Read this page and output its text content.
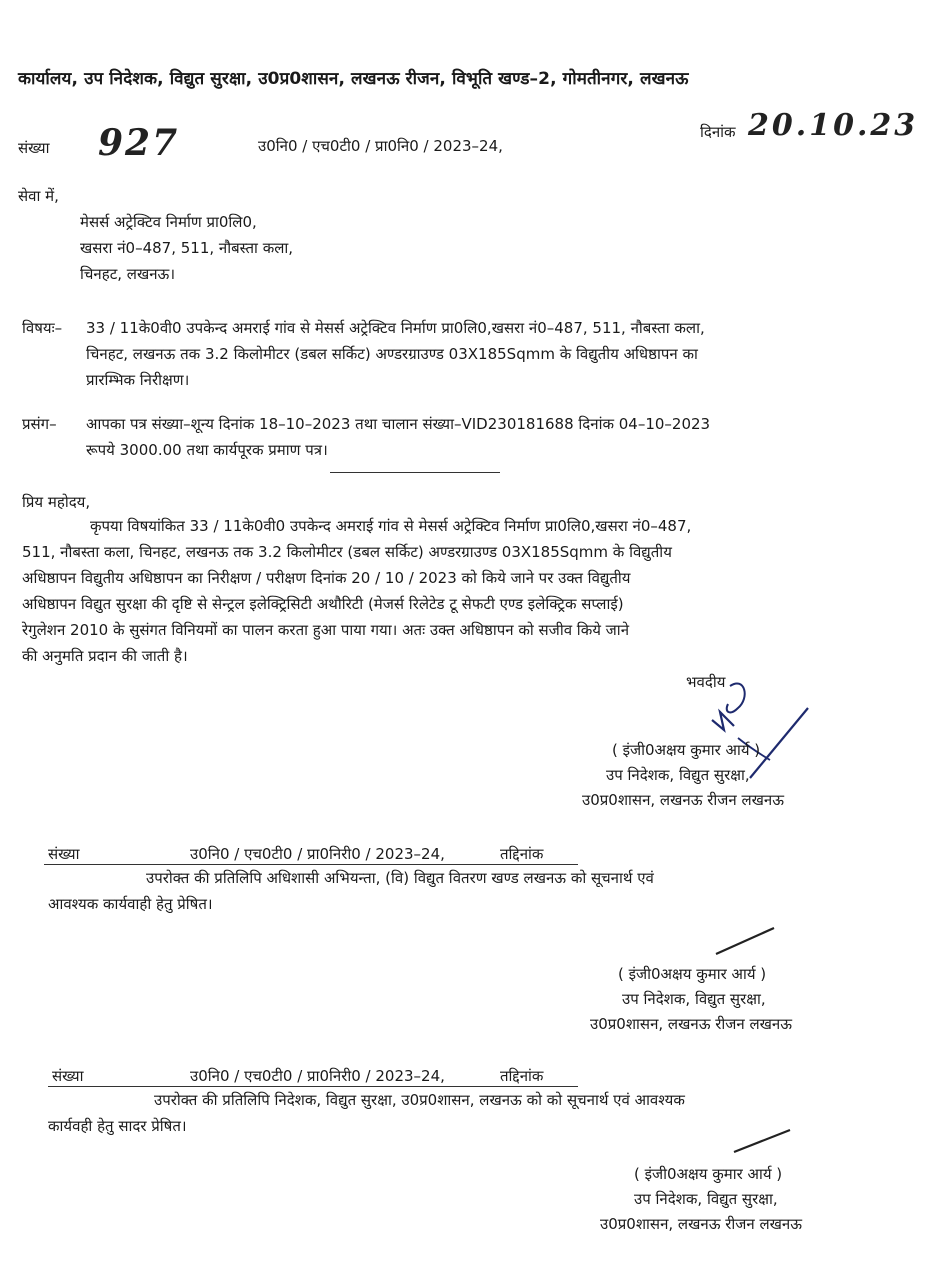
कार्यालय, उप निदेशक, विद्युत सुरक्षा, उ0प्र0शासन, लखनऊ रीजन, विभूति खण्ड–2, गोमतीनगर, लखनऊ
संख्या 927	उ0नि0 / एच0टी0 / प्रा0नि0 / 2023–24,
दिनांक 20.10.23
सेवा में,
मेसर्स अट्रेक्टिव निर्माण प्रा0लि0,
खसरा नं0–487, 511, नौबस्ता कला,
चिनहट, लखनऊ।
विषयः– 33 / 11के0वी0 उपकेन्द अमराई गांव से मेसर्स अट्रेक्टिव निर्माण प्रा0लि0,खसरा नं0–487, 511, नौबस्ता कला,
चिनहट, लखनऊ तक 3.2 किलोमीटर (डबल सर्किट) अण्डरग्राउण्ड 03X185Sqmm के विद्युतीय अधिष्ठापन का
प्रारम्भिक निरीक्षण।
प्रसंग– आपका पत्र संख्या–शून्य दिनांक 18–10–2023 तथा चालान संख्या–VID230181688 दिनांक 04–10–2023
रूपये 3000.00 तथा कार्यपूरक प्रमाण पत्र।
प्रिय महोदय,
कृपया विषयांकित 33 / 11के0वी0 उपकेन्द अमराई गांव से मेसर्स अट्रेक्टिव निर्माण प्रा0लि0,खसरा नं0–487,
511, नौबस्ता कला, चिनहट, लखनऊ तक 3.2 किलोमीटर (डबल सर्किट) अण्डरग्राउण्ड 03X185Sqmm के विद्युतीय
अधिष्ठापन विद्युतीय अधिष्ठापन का निरीक्षण / परीक्षण दिनांक 20 / 10 / 2023 को किये जाने पर उक्त विद्युतीय
अधिष्ठापन विद्युत सुरक्षा की दृष्टि से सेन्ट्रल इलेक्ट्रिसिटी अथौरिटी (मेजर्स रिलेटेड टू सेफटी एण्ड इलेक्ट्रिक सप्लाई)
रेगुलेशन 2010 के सुसंगत विनियमों का पालन करता हुआ पाया गया। अतः उक्त अधिष्ठापन को सजीव किये जाने
की अनुमति प्रदान की जाती है।
भवदीय
( इंजी0अक्षय कुमार आर्य )
उप निदेशक, विद्युत सुरक्षा,
उ0प्र0शासन, लखनऊ रीजन लखनऊ
संख्या	उ0नि0 / एच0टी0 / प्रा0निरी0 / 2023–24,	तद्दिनांक
उपरोक्त की प्रतिलिपि अधिशासी अभियन्ता, (वि) विद्युत वितरण खण्ड लखनऊ को सूचनार्थ एवं
आवश्यक कार्यवाही हेतु प्रेषित।
( इंजी0अक्षय कुमार आर्य )
उप निदेशक, विद्युत सुरक्षा,
उ0प्र0शासन, लखनऊ रीजन लखनऊ
संख्या	उ0नि0 / एच0टी0 / प्रा0निरी0 / 2023–24,	तद्दिनांक
उपरोक्त की प्रतिलिपि निदेशक, विद्युत सुरक्षा, उ0प्र0शासन, लखनऊ को को सूचनार्थ एवं आवश्यक
कार्यवही हेतु सादर प्रेषित।
( इंजी0अक्षय कुमार आर्य )
उप निदेशक, विद्युत सुरक्षा,
उ0प्र0शासन, लखनऊ रीजन लखनऊ
